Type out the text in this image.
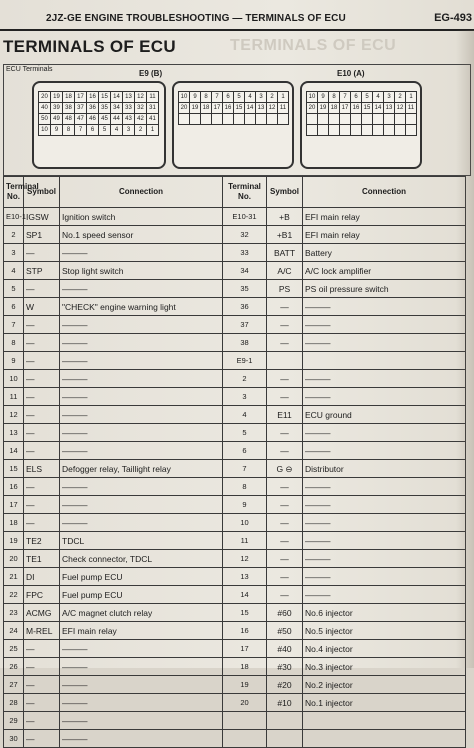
2JZ-GE ENGINE TROUBLESHOOTING — TERMINALS OF ECU	EG-493
TERMINALS OF ECU	TERMINALS OF ECU
ECU Terminals	E9 (B)	E10 (A)
20 19 18 17 16 15 14 13 12 11
40 39 38 37 36 35 34 33 32 31
50 49 48 47 46 45 44 43 42 41
10	9	8	7	6	5	4	3	2	1
10 9	8	7	6	5	4	3	2	1
20 19 18 17 16 15 14 13 12 11
10 9	8	7	6	5	4	3	2	1
20 19 18 17 16 15 14 13 12 11
Terminal No.	Symbol	Connection	Terminal No.	Symbol	Connection
E10-1	IGSW	Ignition switch	E10-31	+B	EFI main relay
2	SP1	No.1 speed sensor	32	+B1	EFI main relay
3	—	———	33	BATT	Battery
4	STP	Stop light switch	34	A/C	A/C lock amplifier
5	—	———	35	PS	PS oil pressure switch
6	W	"CHECK" engine warning light	36	—	———
7	—	———	37	—	———
8	—	———	38	—	———
9	—	———	E9-1		
10	—	———	2	—	———
11	—	———	3	—	———
12	—	———	4	E11	ECU ground
13	—	———	5	—	———
14	—	———	6	—	———
15	ELS	Defogger relay, Taillight relay	7	G ⊖	Distributor
16	—	———	8	—	———
17	—	———	9	—	———
18	—	———	10	—	———
19	TE2	TDCL	11	—	———
20	TE1	Check connector, TDCL	12	—	———
21	DI	Fuel pump ECU	13	—	———
22	FPC	Fuel pump ECU	14	—	———
23	ACMG	A/C magnet clutch relay	15	#60	No.6 injector
24	M-REL	EFI main relay	16	#50	No.5 injector
25	—	———	17	#40	No.4 injector
26	—	———	18	#30	No.3 injector
27	—	———	19	#20	No.2 injector
28	—	———	20	#10	No.1 injector
29	—	———			
30	—	———			
